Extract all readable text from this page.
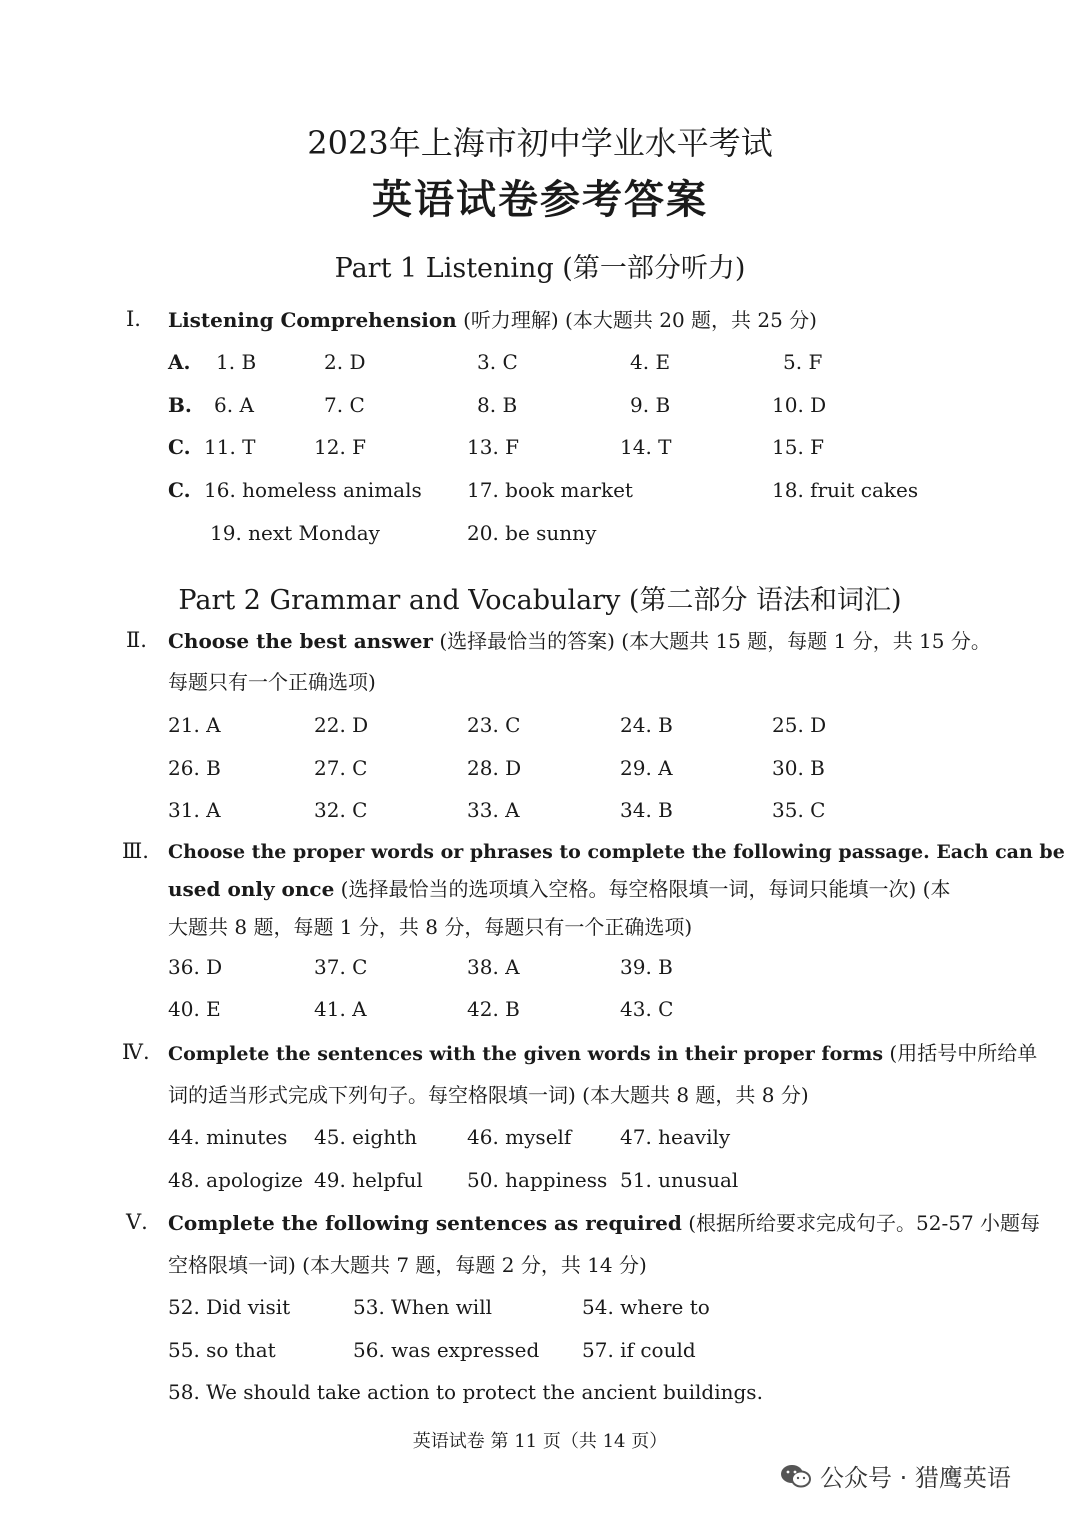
2023年上海市初中学业水平考试
英语试卷参考答案
Part 1 Listening (第一部分听力)
Ⅰ. Listening Comprehension (听力理解) (本大题共 20 题，共 25 分)
A. 1. B	2. D	3. C	4. E	5. F
B. 6. A	7. C	8. B	9. B	10. D
C. 11. T	12. F	13. F	14. T	15. F
C. 16. homeless animals 17. book market	18. fruit cakes
19. next Monday	20. be sunny
Part 2 Grammar and Vocabulary (第二部分 语法和词汇)
Ⅱ. Choose the best answer (选择最恰当的答案) (本大题共 15 题，每题 1 分，共 15 分。
每题只有一个正确选项)
21. A	22. D	23. C	24. B	25. D
26. B	27. C	28. D	29. A	30. B
31. A	32. C	33. A	34. B	35. C
Ⅲ. Choose the proper words or phrases to complete the following passage. Each can be
used only once (选择最恰当的选项填入空格。每空格限填一词，每词只能填一次) (本
大题共 8 题，每题 1 分，共 8 分，每题只有一个正确选项)
36. D	37. C	38. A	39. B
40. E	41. A	42. B	43. C
Ⅳ. Complete the sentences with the given words in their proper forms (用括号中所给单
词的适当形式完成下列句子。每空格限填一词) (本大题共 8 题，共 8 分)
44. minutes 45. eighth	46. myself 47. heavily
48. apologize 49. helpful 50. happiness 51. unusual
Ⅴ. Complete the following sentences as required (根据所给要求完成句子。52-57 小题每
空格限填一词) (本大题共 7 题，每题 2 分，共 14 分)
52. Did visit	53. When will	54. where to
55. so that	56. was expressed 57. if could
58. We should take action to protect the ancient buildings.
英语试卷 第 11 页（共 14 页）
公众号 · 猎鹰英语
